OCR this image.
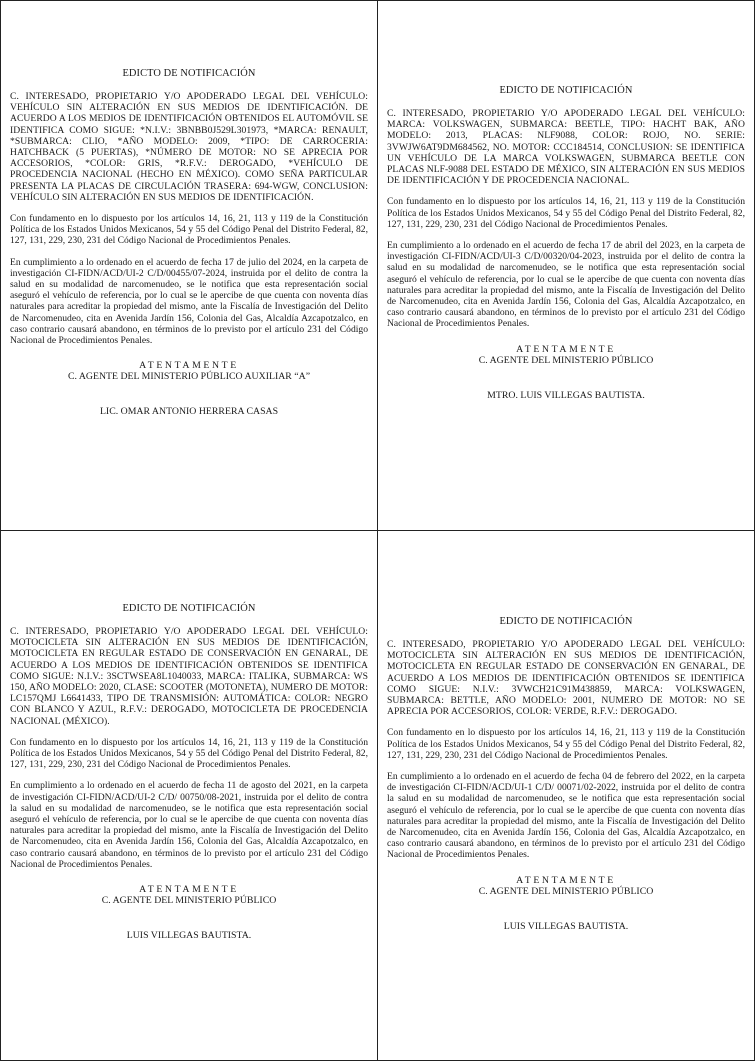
EDICTO DE NOTIFICACIÓN

C. INTERESADO, PROPIETARIO Y/O APODERADO LEGAL DEL VEHÍCULO: VEHÍCULO SIN ALTERACIÓN EN SUS MEDIOS DE IDENTIFICACIÓN. DE ACUERDO A LOS MEDIOS DE IDENTIFICACIÓN OBTENIDOS EL AUTOMÓVIL SE IDENTIFICA COMO SIGUE: *N.I.V.: 3BNBB0J529L301973, *MARCA: RENAULT, *SUBMARCA: CLIO, *AÑO MODELO: 2009, *TIPO: DE CARROCERIA: HATCHBACK (5 PUERTAS), *NÚMERO DE MOTOR: NO SE APRECIA POR ACCESORIOS, *COLOR: GRIS, *R.F.V.: DEROGADO, *VEHÍCULO DE PROCEDENCIA NACIONAL (HECHO EN MÉXICO). COMO SEÑA PARTICULAR PRESENTA LA PLACAS DE CIRCULACIÓN TRASERA: 694-WGW, CONCLUSION: VEHÍCULO SIN ALTERACIÓN EN SUS MEDIOS DE IDENTIFICACIÓN.

Con fundamento en lo dispuesto por los artículos 14, 16, 21, 113 y 119 de la Constitución Política de los Estados Unidos Mexicanos, 54 y 55 del Código Penal del Distrito Federal, 82, 127, 131, 229, 230, 231 del Código Nacional de Procedimientos Penales.

En cumplimiento a lo ordenado en el acuerdo de fecha 17 de julio del 2024, en la carpeta de investigación CI-FIDN/ACD/UI-2 C/D/00455/07-2024, instruida por el delito de contra la salud en su modalidad de narcomenudeo, se le notifica que esta representación social aseguró el vehículo de referencia, por lo cual se le apercibe de que cuenta con noventa días naturales para acreditar la propiedad del mismo, ante la Fiscalía de Investigación del Delito de Narcomenudeo, cita en Avenida Jardín 156, Colonia del Gas, Alcaldía Azcapotzalco, en caso contrario causará abandono, en términos de lo previsto por el artículo 231 del Código Nacional de Procedimientos Penales.

ATENTAMENTE
C. AGENTE DEL MINISTERIO PÚBLICO AUXILIAR “A”
LIC. OMAR ANTONIO HERRERA CASAS
EDICTO DE NOTIFICACIÓN

C. INTERESADO, PROPIETARIO Y/O APODERADO LEGAL DEL VEHÍCULO: MARCA: VOLKSWAGEN, SUBMARCA: BEETLE, TIPO: HACHT BAK, AÑO MODELO: 2013, PLACAS: NLF9088, COLOR: ROJO, NO. SERIE: 3VWJW6AT9DM684562, NO. MOTOR: CCC184514, CONCLUSION: SE IDENTIFICA UN VEHÍCULO DE LA MARCA VOLKSWAGEN, SUBMARCA BEETLE CON PLACAS NLF-9088 DEL ESTADO DE MÉXICO, SIN ALTERACIÓN EN SUS MEDIOS DE IDENTIFICACIÓN Y DE PROCEDENCIA NACIONAL.

Con fundamento en lo dispuesto por los artículos 14, 16, 21, 113 y 119 de la Constitución Política de los Estados Unidos Mexicanos, 54 y 55 del Código Penal del Distrito Federal, 82, 127, 131, 229, 230, 231 del Código Nacional de Procedimientos Penales.

En cumplimiento a lo ordenado en el acuerdo de fecha 17 de abril del 2023, en la carpeta de investigación CI-FIDN/ACD/UI-3 C/D/00320/04-2023, instruida por el delito de contra la salud en su modalidad de narcomenudeo, se le notifica que esta representación social aseguró el vehículo de referencia, por lo cual se le apercibe de que cuenta con noventa días naturales para acreditar la propiedad del mismo, ante la Fiscalía de Investigación del Delito de Narcomenudeo, cita en Avenida Jardín 156, Colonia del Gas, Alcaldía Azcapotzalco, en caso contrario causará abandono, en términos de lo previsto por el artículo 231 del Código Nacional de Procedimientos Penales.

ATENTAMENTE
C. AGENTE DEL MINISTERIO PÚBLICO
MTRO. LUIS VILLEGAS BAUTISTA.
EDICTO DE NOTIFICACIÓN

C. INTERESADO, PROPIETARIO Y/O APODERADO LEGAL DEL VEHÍCULO: MOTOCICLETA SIN ALTERACIÓN EN SUS MEDIOS DE IDENTIFICACIÓN, MOTOCICLETA EN REGULAR ESTADO DE CONSERVACIÓN EN GENARAL, DE ACUERDO A LOS MEDIOS DE IDENTIFICACIÓN OBTENIDOS SE IDENTIFICA COMO SIGUE: N.I.V.: 3SCTWSEA8L1040033, MARCA: ITALIKA, SUBMARCA: WS 150, AÑO MODELO: 2020, CLASE: SCOOTER (MOTONETA), NUMERO DE MOTOR: LC157QMJ L6641433, TIPO DE TRANSMISIÓN: AUTOMÁTICA: COLOR: NEGRO CON BLANCO Y AZUL, R.F.V.: DEROGADO, MOTOCICLETA DE PROCEDENCIA NACIONAL (MÉXICO).

Con fundamento en lo dispuesto por los artículos 14, 16, 21, 113 y 119 de la Constitución Política de los Estados Unidos Mexicanos, 54 y 55 del Código Penal del Distrito Federal, 82, 127, 131, 229, 230, 231 del Código Nacional de Procedimientos Penales.

En cumplimiento a lo ordenado en el acuerdo de fecha 11 de agosto del 2021, en la carpeta de investigación CI-FIDN/ACD/UI-2 C/D/ 00750/08-2021, instruida por el delito de contra la salud en su modalidad de narcomenudeo, se le notifica que esta representación social aseguró el vehículo de referencia, por lo cual se le apercibe de que cuenta con noventa días naturales para acreditar la propiedad del mismo, ante la Fiscalía de Investigación del Delito de Narcomenudeo, cita en Avenida Jardín 156, Colonia del Gas, Alcaldía Azcapotzalco, en caso contrario causará abandono, en términos de lo previsto por el artículo 231 del Código Nacional de Procedimientos Penales.

ATENTAMENTE
C. AGENTE DEL MINISTERIO PÚBLICO
LUIS VILLEGAS BAUTISTA.
EDICTO DE NOTIFICACIÓN

C. INTERESADO, PROPIETARIO Y/O APODERADO LEGAL DEL VEHÍCULO: MOTOCICLETA SIN ALTERACIÓN EN SUS MEDIOS DE IDENTIFICACIÓN, MOTOCICLETA EN REGULAR ESTADO DE CONSERVACIÓN EN GENARAL, DE ACUERDO A LOS MEDIOS DE IDENTIFICACIÓN OBTENIDOS SE IDENTIFICA COMO SIGUE: N.I.V.: 3VWCH21C91M438859, MARCA: VOLKSWAGEN, SUBMARCA: BETTLE, AÑO MODELO: 2001, NUMERO DE MOTOR: NO SE APRECIA POR ACCESORIOS, COLOR: VERDE, R.F.V.: DEROGADO.

Con fundamento en lo dispuesto por los artículos 14, 16, 21, 113 y 119 de la Constitución Política de los Estados Unidos Mexicanos, 54 y 55 del Código Penal del Distrito Federal, 82, 127, 131, 229, 230, 231 del Código Nacional de Procedimientos Penales.

En cumplimiento a lo ordenado en el acuerdo de fecha 04 de febrero del 2022, en la carpeta de investigación CI-FIDN/ACD/UI-1 C/D/ 00071/02-2022, instruida por el delito de contra la salud en su modalidad de narcomenudeo, se le notifica que esta representación social aseguró el vehículo de referencia, por lo cual se le apercibe de que cuenta con noventa días naturales para acreditar la propiedad del mismo, ante la Fiscalía de Investigación del Delito de Narcomenudeo, cita en Avenida Jardín 156, Colonia del Gas, Alcaldía Azcapotzalco, en caso contrario causará abandono, en términos de lo previsto por el artículo 231 del Código Nacional de Procedimientos Penales.

ATENTAMENTE
C. AGENTE DEL MINISTERIO PÚBLICO
LUIS VILLEGAS BAUTISTA.
